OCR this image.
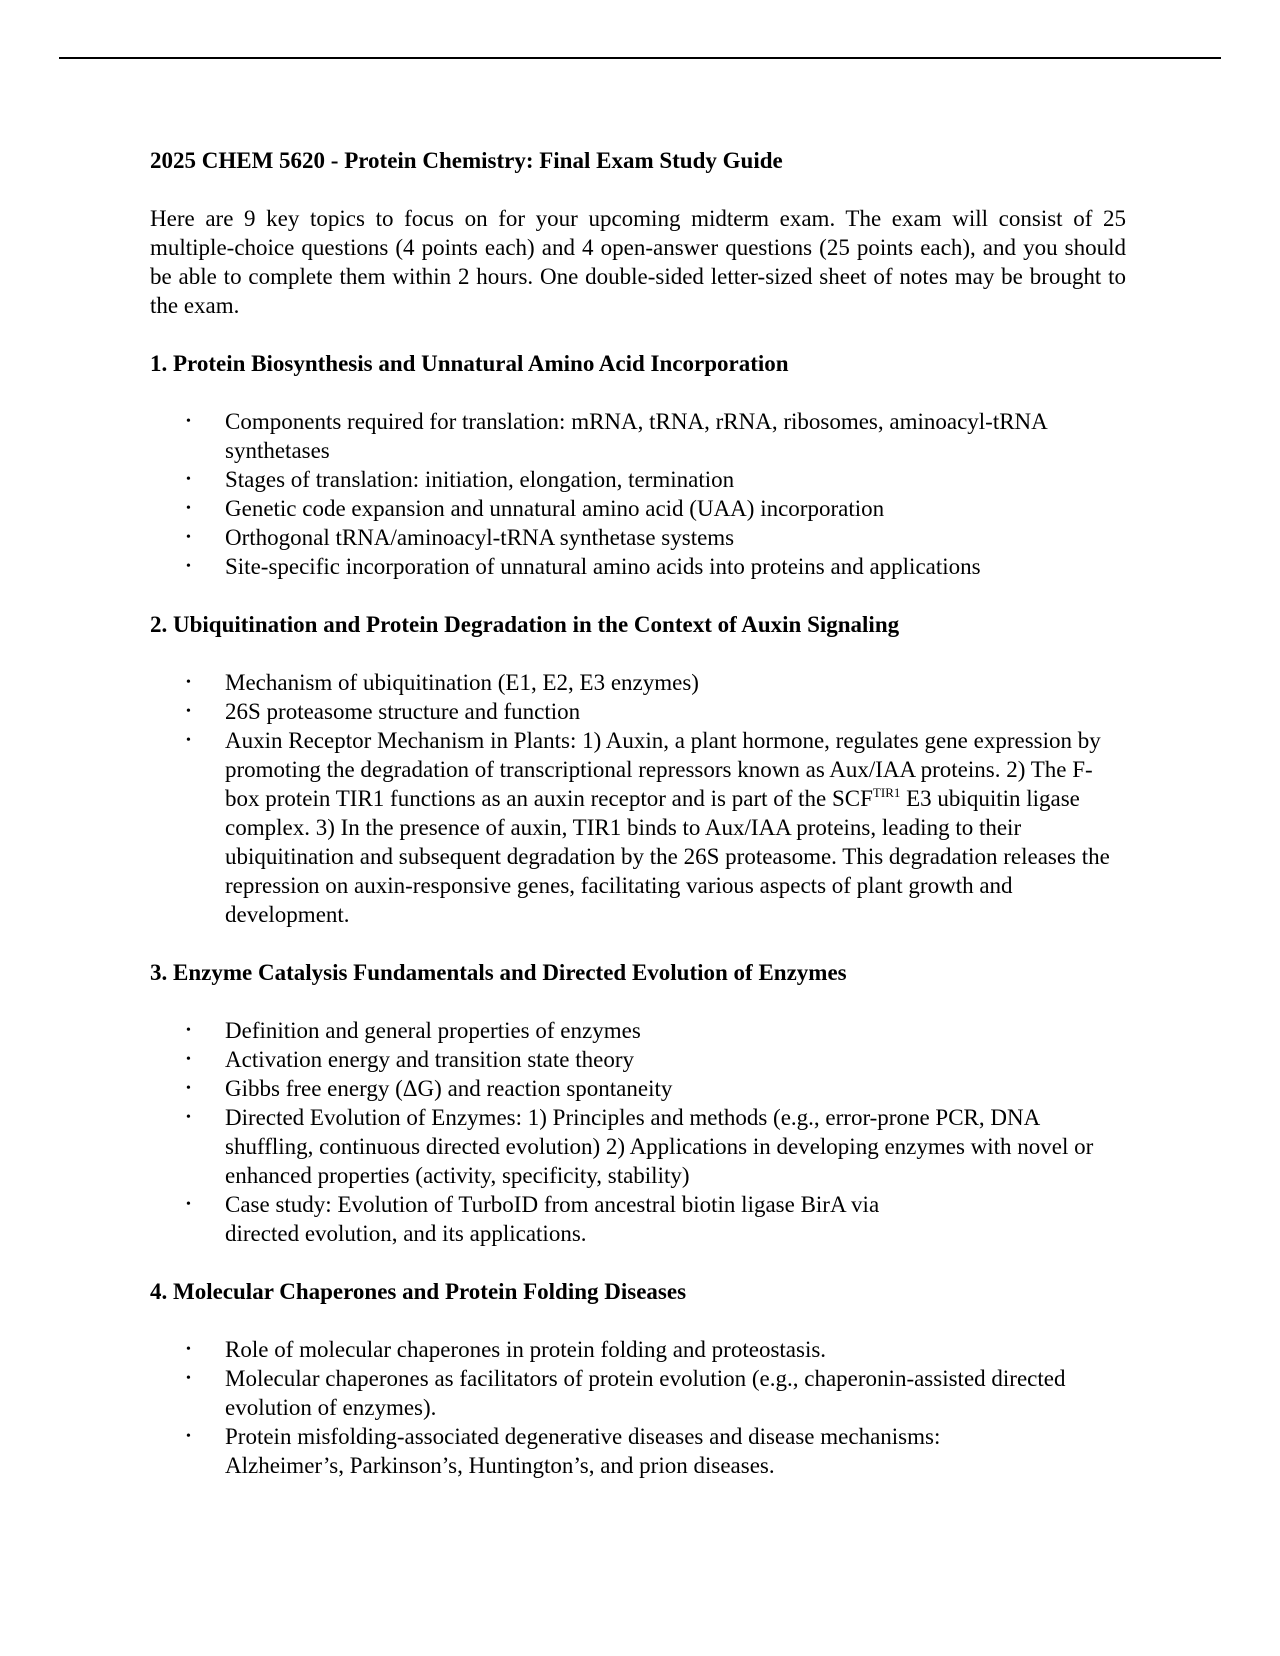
2025 CHEM 5620 - Protein Chemistry: Final Exam Study Guide

Here are 9 key topics to focus on for your upcoming midterm exam. The exam will consist of 25 multiple-choice questions (4 points each) and 4 open-answer questions (25 points each), and you should be able to complete them within 2 hours. One double-sided letter-sized sheet of notes may be brought to the exam.

1. Protein Biosynthesis and Unnatural Amino Acid Incorporation
• Components required for translation: mRNA, tRNA, rRNA, ribosomes, aminoacyl-tRNA synthetases
• Stages of translation: initiation, elongation, termination
• Genetic code expansion and unnatural amino acid (UAA) incorporation
• Orthogonal tRNA/aminoacyl-tRNA synthetase systems
• Site-specific incorporation of unnatural amino acids into proteins and applications
2. Ubiquitination and Protein Degradation in the Context of Auxin Signaling
• Mechanism of ubiquitination (E1, E2, E3 enzymes)
• 26S proteasome structure and function
• Auxin Receptor Mechanism in Plants: 1) Auxin, a plant hormone, regulates gene expression by promoting the degradation of transcriptional repressors known as Aux/IAA proteins. 2) The F-box protein TIR1 functions as an auxin receptor and is part of the $SCF^{TIR1}$ E3 ubiquitin ligase complex. 3) In the presence of auxin, TIR1 binds to Aux/IAA proteins, leading to their ubiquitination and subsequent degradation by the 26S proteasome. This degradation releases the repression on auxin-responsive genes, facilitating various aspects of plant growth and development.
3. Enzyme Catalysis Fundamentals and Directed Evolution of Enzymes
• Definition and general properties of enzymes
• Activation energy and transition state theory
• Gibbs free energy (ΔG) and reaction spontaneity
• Directed Evolution of Enzymes: 1) Principles and methods (e.g., error-prone PCR, DNA shuffling, continuous directed evolution) 2) Applications in developing enzymes with novel or enhanced properties (activity, specificity, stability)
• Case study: Evolution of TurboID from ancestral biotin ligase BirA via directed evolution, and its applications.
4. Molecular Chaperones and Protein Folding Diseases
• Role of molecular chaperones in protein folding and proteostasis.
• Molecular chaperones as facilitators of protein evolution (e.g., chaperonin-assisted directed evolution of enzymes).
• Protein misfolding-associated degenerative diseases and disease mechanisms: Alzheimer’s, Parkinson’s, Huntington’s, and prion diseases.
